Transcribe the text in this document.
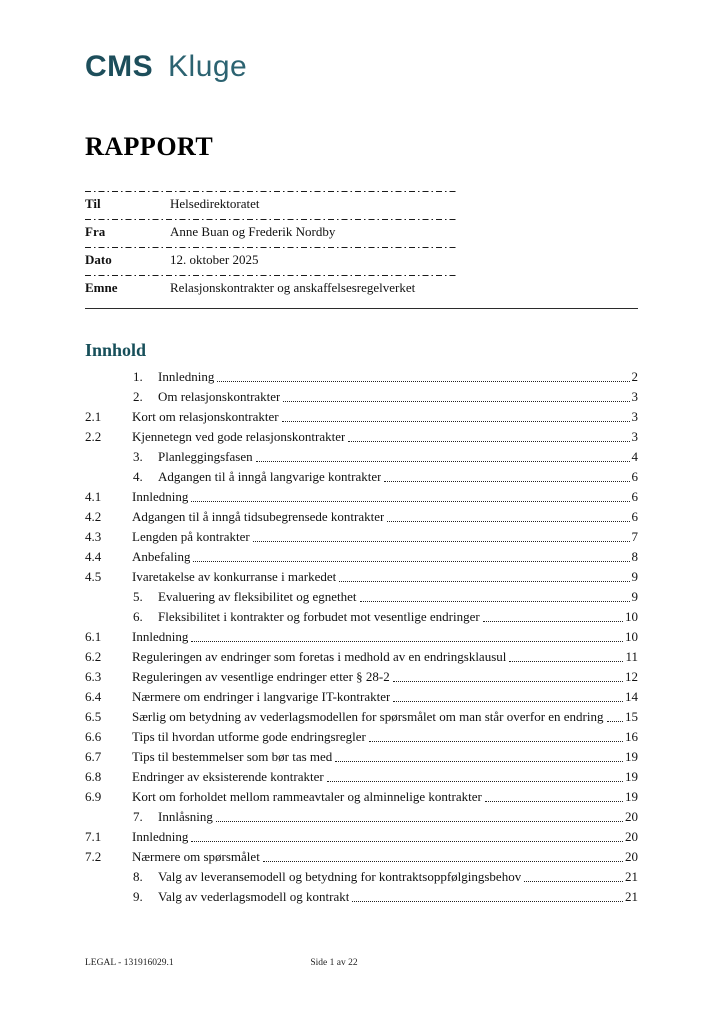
CMS Kluge
RAPPORT
Til	Helsedirektoratet
Fra	Anne Buan og Frederik Nordby
Dato	12. oktober 2025
Emne	Relasjonskontrakter og anskaffelsesregelverket
Innhold
1.	Innledning	2
2.	Om relasjonskontrakter	3
2.1	Kort om relasjonskontrakter	3
2.2	Kjennetegn ved gode relasjonskontrakter	3
3.	Planleggingsfasen	4
4.	Adgangen til å inngå langvarige kontrakter	6
4.1	Innledning	6
4.2	Adgangen til å inngå tidsubegrensede kontrakter	6
4.3	Lengden på kontrakter	7
4.4	Anbefaling	8
4.5	Ivaretakelse av konkurranse i markedet	9
5.	Evaluering av fleksibilitet og egnethet	9
6.	Fleksibilitet i kontrakter og forbudet mot vesentlige endringer	10
6.1	Innledning	10
6.2	Reguleringen av endringer som foretas i medhold av en endringsklausul	11
6.3	Reguleringen av vesentlige endringer etter § 28-2	12
6.4	Nærmere om endringer i langvarige IT-kontrakter	14
6.5	Særlig om betydning av vederlagsmodellen for spørsmålet om man står overfor en endring 15
6.6	Tips til hvordan utforme gode endringsregler	16
6.7	Tips til bestemmelser som bør tas med	19
6.8	Endringer av eksisterende kontrakter	19
6.9	Kort om forholdet mellom rammeavtaler og alminnelige kontrakter	19
7.	Innlåsning	20
7.1	Innledning	20
7.2	Nærmere om spørsmålet	20
8.	Valg av leveransemodell og betydning for kontraktsoppfølgingsbehov	21
9.	Valg av vederlagsmodell og kontrakt	21
LEGAL - 131916029.1	Side 1 av 22
